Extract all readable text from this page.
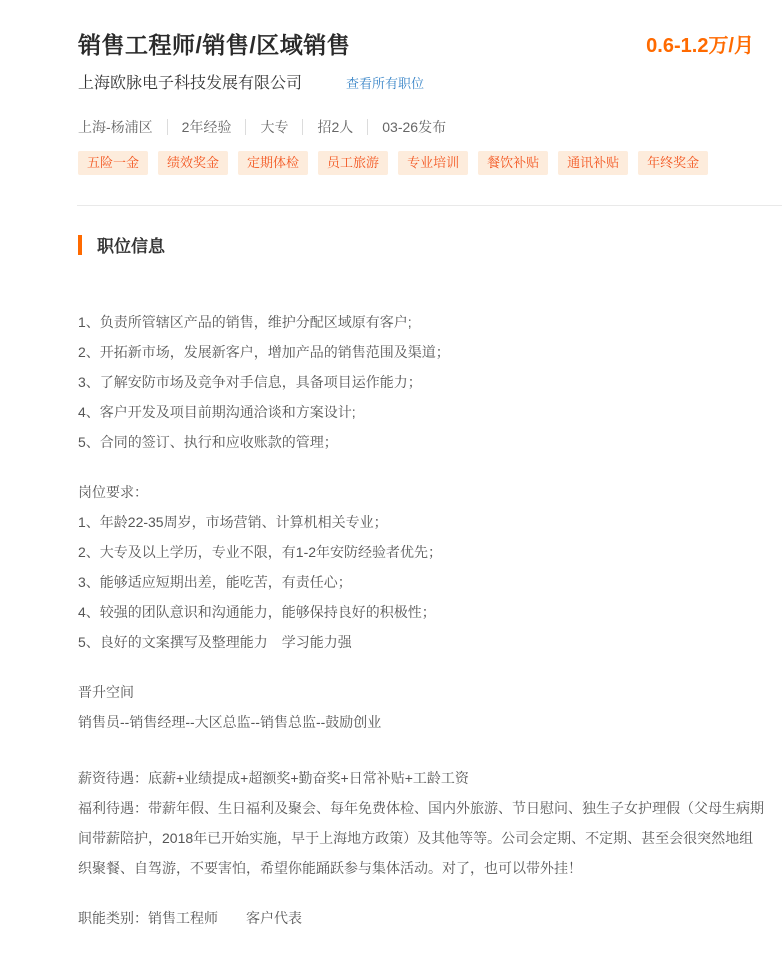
销售工程师/销售/区域销售	0.6-1.2万/月
上海欧脉电子科技发展有限公司	查看所有职位
上海-杨浦区	2年经验	大专	招2人	03-26发布
五险一金	绩效奖金	定期体检	员工旅游	专业培训	餐饮补贴	通讯补贴	年终奖金
职位信息

1、负责所管辖区产品的销售，维护分配区域原有客户;

2、开拓新市场，发展新客户，增加产品的销售范围及渠道；

3、了解安防市场及竞争对手信息，具备项目运作能力；

4、客户开发及项目前期沟通洽谈和方案设计;

5、合同的签订、执行和应收账款的管理；

岗位要求：

1、年龄22-35周岁，市场营销、计算机相关专业；

2、大专及以上学历，专业不限，有1-2年安防经验者优先；

3、能够适应短期出差，能吃苦，有责任心；

4、较强的团队意识和沟通能力，能够保持良好的积极性；

5、良好的文案撰写及整理能力　学习能力强

晋升空间

销售员--销售经理--大区总监--销售总监--鼓励创业

薪资待遇：底薪+业绩提成+超额奖+勤奋奖+日常补贴+工龄工资

福利待遇：带薪年假、生日福利及聚会、每年免费体检、国内外旅游、节日慰问、独生子女护理假（父母生病期间带薪陪护，2018年已开始实施，早于上海地方政策）及其他等等。公司会定期、不定期、甚至会很突然地组织聚餐、自驾游，不要害怕，希望你能踊跃参与集体活动。对了，也可以带外挂！

职能类别： 销售工程师 客户代表
